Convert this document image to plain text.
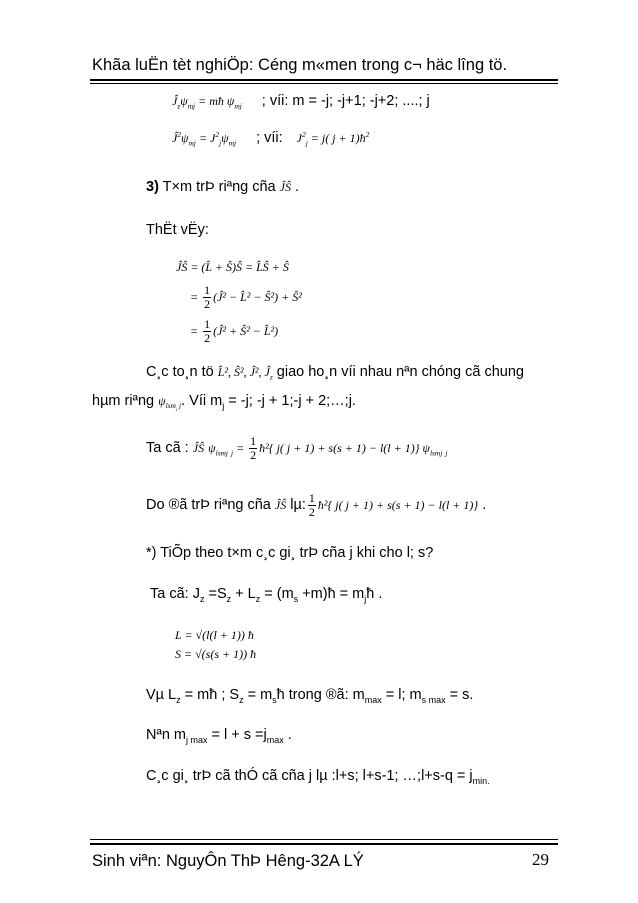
Khãa luËn tèt nghiÖp: Céng m«men trong c¬ häc lîng tö.
$Ĵ_z\psi_{mj}$ = mħ $\psi_{mj}$ ; víi: m = -j; -j+1; -j+2; ....; j
$Ĵ^2\psi_{mj} = J^2_j\psi_{mj}$ ; víi: $J^2_j = j$( $j + 1)ħ^2$
3) T×m trÞ riªng cña ĴŜ .
ThËt vËy:
ĴŜ = (L̂ + Ŝ)Ŝ = L̂Ŝ + Ŝ
= $\frac{1}{2}$ (Ĵ² − L̂² − Ŝ²) + Ŝ²
= $\frac{1}{2}$ (Ĵ² + Ŝ² − L̂²)
C¸c to¸n tö L̂², Ŝ², Ĵ², $Ĵ_z$ giao ho¸n víi nhau nªn chóng cã chung
hµm riªng $\psi_{lsm_j j}$. Víi $m_j = -j$; -j + 1;-j + 2;…;j.
Ta cã : ĴŜ $\psi_{lsmj}$ $_j = \frac{1}{2}$ ħ²{ j( j + 1) + s(s + 1) − l(l + 1)} $\psi_{lsmj}$ $_j$
Do ®ã trÞ riªng cña ĴŜ lµ: $\frac{1}{2}$ ħ²{ j( j + 1) + s(s + 1) − l(l + 1)} .
*) TiÕp theo t×m c¸c gi¸ trÞ cña j khi cho l; s?
Ta cã: $J_z =S_z + L_z = (m_s$ +m)ħ = $m_jħ$ .
L = √(l(l + 1)) ħ
S = √(s(s + 1)) ħ
Vµ $L_z$ = mħ ; $S_z$ = $m_sħ$ trong ®ã: $m_{max} = l$; $m_{s max} = s$.
Nªn $m_{j max} = l + s =j_{max}$ .
C¸c gi¸ trÞ cã thÓ cã cña j lµ :l+s; l+s-1; …;l+s-q = $j_{min.}$
Sinh viªn: NguyÔn ThÞ Hêng-32A LÝ	29
